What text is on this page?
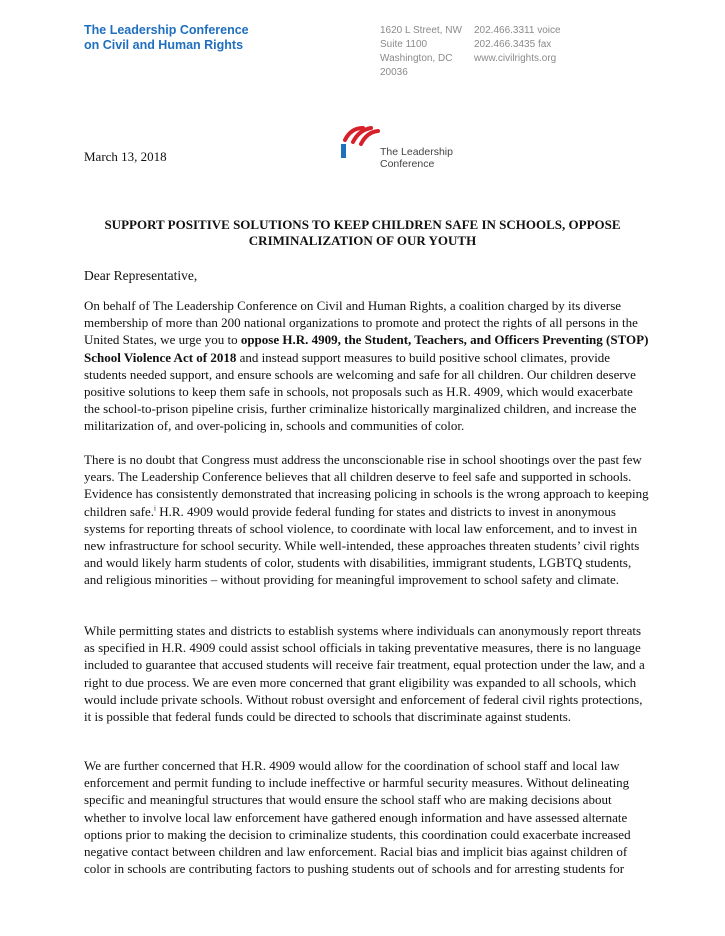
The Leadership Conference
on Civil and Human Rights
1620 L Street, NW
Suite 1100
Washington, DC
20036
202.466.3311 voice
202.466.3435 fax
www.civilrights.org
March 13, 2018	The Leadership
Conference
SUPPORT POSITIVE SOLUTIONS TO KEEP CHILDREN SAFE IN SCHOOLS, OPPOSE
CRIMINALIZATION OF OUR YOUTH
Dear Representative,

On behalf of The Leadership Conference on Civil and Human Rights, a coalition charged by its diverse membership of more than 200 national organizations to promote and protect the rights of all persons in the United States, we urge you to oppose H.R. 4909, the Student, Teachers, and Officers Preventing (STOP) School Violence Act of 2018 and instead support measures to build positive school climates, provide students needed support, and ensure schools are welcoming and safe for all children. Our children deserve positive solutions to keep them safe in schools, not proposals such as H.R. 4909, which would exacerbate the school-to-prison pipeline crisis, further criminalize historically marginalized children, and increase the militarization of, and over-policing in, schools and communities of color.

There is no doubt that Congress must address the unconscionable rise in school shootings over the past few years. The Leadership Conference believes that all children deserve to feel safe and supported in schools. Evidence has consistently demonstrated that increasing policing in schools is the wrong approach to keeping children safe.$^i$ H.R. 4909 would provide federal funding for states and districts to invest in anonymous systems for reporting threats of school violence, to coordinate with local law enforcement, and to invest in new infrastructure for school security. While well-intended, these approaches threaten students’ civil rights and would likely harm students of color, students with disabilities, immigrant students, LGBTQ students, and religious minorities – without providing for meaningful improvement to school safety and climate.

While permitting states and districts to establish systems where individuals can anonymously report threats as specified in H.R. 4909 could assist school officials in taking preventative measures, there is no language included to guarantee that accused students will receive fair treatment, equal protection under the law, and a right to due process. We are even more concerned that grant eligibility was expanded to all schools, which would include private schools. Without robust oversight and enforcement of federal civil rights protections, it is possible that federal funds could be directed to schools that discriminate against students.

We are further concerned that H.R. 4909 would allow for the coordination of school staff and local law enforcement and permit funding to include ineffective or harmful security measures. Without delineating specific and meaningful structures that would ensure the school staff who are making decisions about whether to involve local law enforcement have gathered enough information and have assessed alternate options prior to making the decision to criminalize students, this coordination could exacerbate increased negative contact between children and law enforcement. Racial bias and implicit bias against children of color in schools are contributing factors to pushing students out of schools and for arresting students for
